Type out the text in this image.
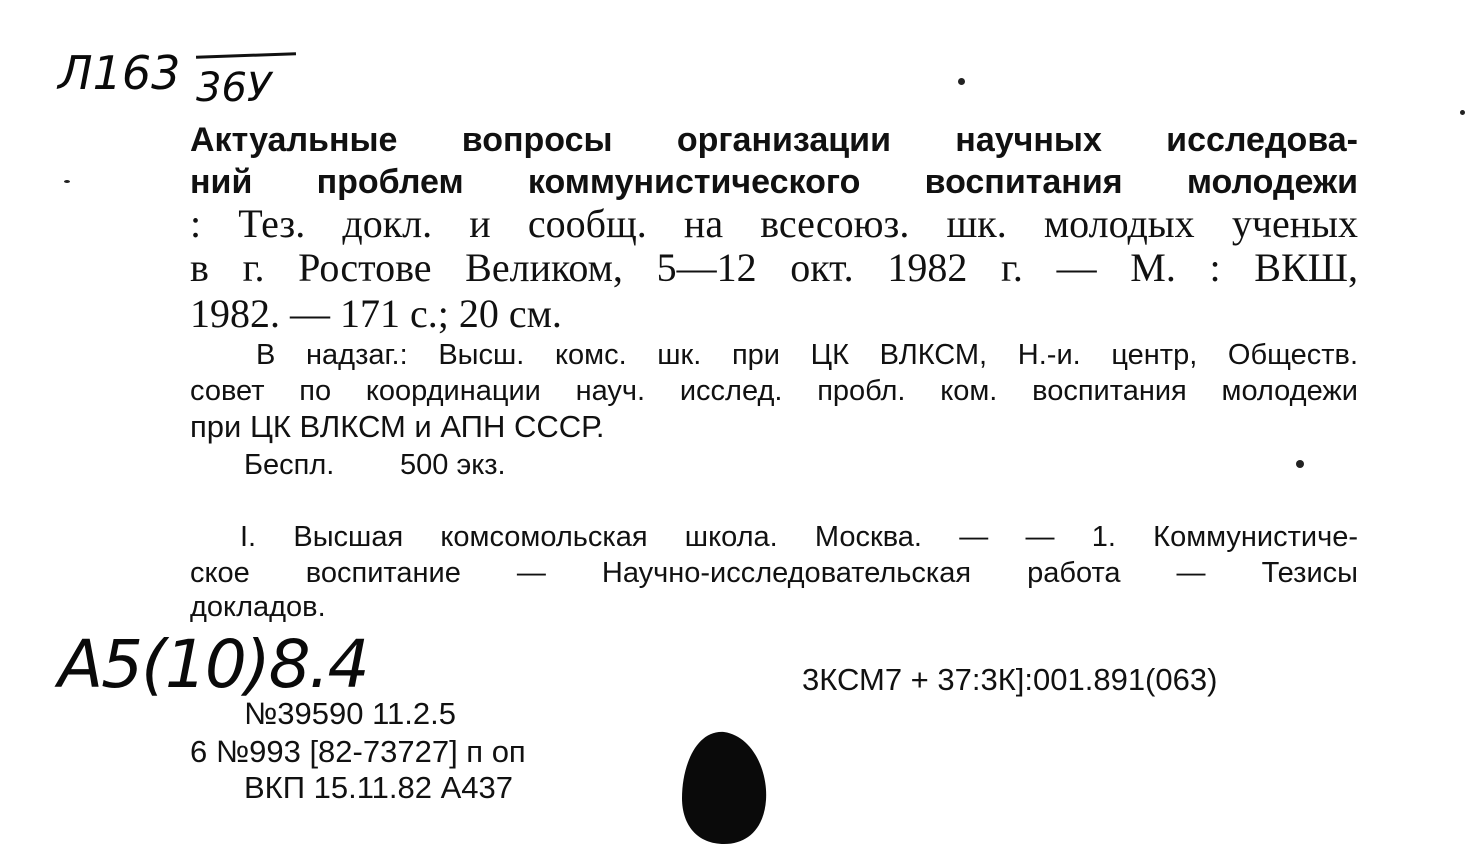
Л163 36У
Актуальные вопросы организации научных исследова-
ний проблем коммунистического воспитания молодежи
: Тез. докл. и сообщ. на всесоюз. шк. молодых ученых
в г. Ростове Великом, 5—12 окт. 1982 г. — М. : ВКШ,
1982. — 171 с.; 20 см.
В надзаг.: Высш. комс. шк. при ЦК ВЛКСМ, Н.-и. центр, Обществ.
совет по координации науч. исслед. пробл. ком. воспитания молодежи
при ЦК ВЛКСМ и АПН СССР.
Беспл. 500 экз.
I. Высшая комсомольская школа. Москва. — — 1. Коммунистиче-
ское воспитание — Научно-исследовательская работа — Тезисы
докладов.
А5(10)8.4	3КСМ7 + 37:3К]:001.891(063)
№39590 11.2.5
6 №993 [82-73727] п оп
ВКП 15.11.82 А437
